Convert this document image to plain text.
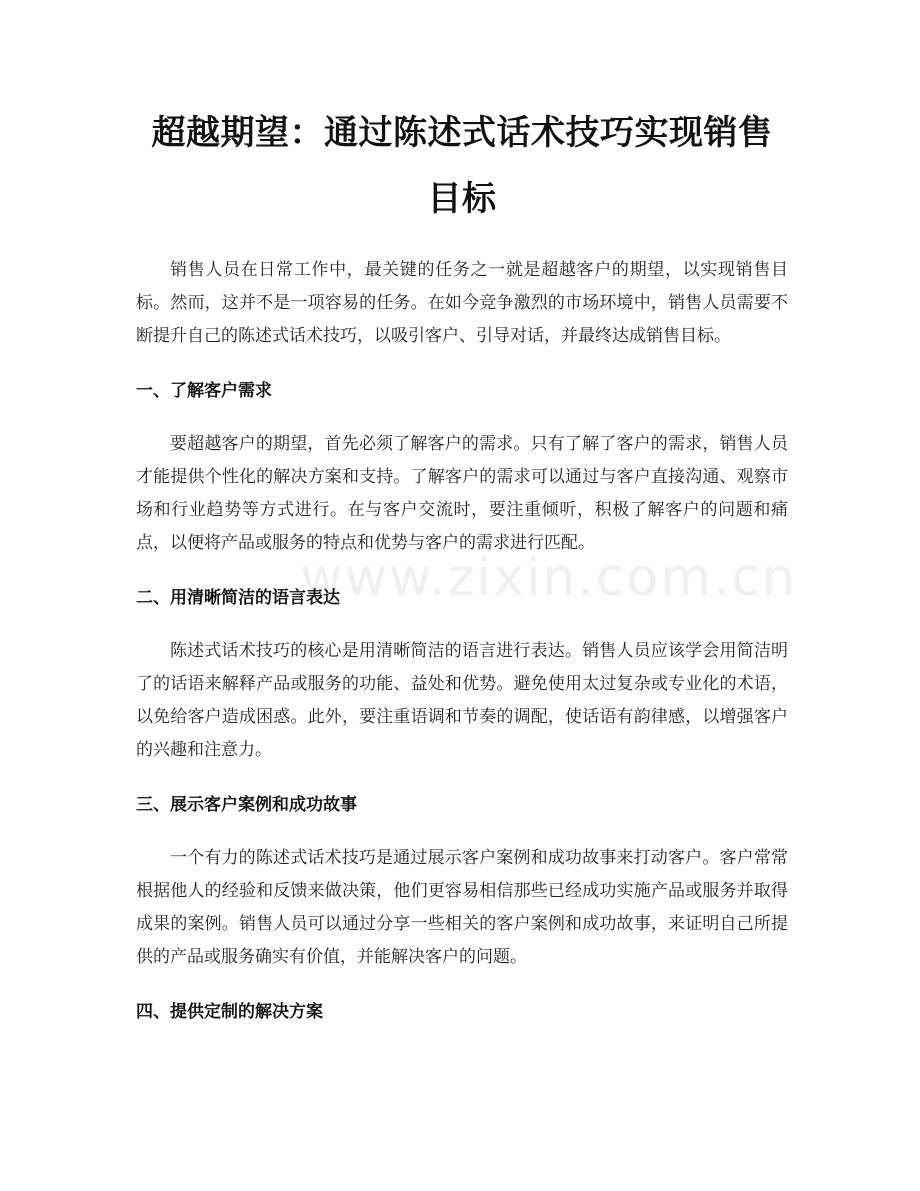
超越期望：通过陈述式话术技巧实现销售目标

销售人员在日常工作中，最关键的任务之一就是超越客户的期望，以实现销售目标。然而，这并不是一项容易的任务。在如今竞争激烈的市场环境中，销售人员需要不断提升自己的陈述式话术技巧，以吸引客户、引导对话，并最终达成销售目标。

一、了解客户需求

要超越客户的期望，首先必须了解客户的需求。只有了解了客户的需求，销售人员才能提供个性化的解决方案和支持。了解客户的需求可以通过与客户直接沟通、观察市场和行业趋势等方式进行。在与客户交流时，要注重倾听，积极了解客户的问题和痛点，以便将产品或服务的特点和优势与客户的需求进行匹配。

二、用清晰简洁的语言表达

陈述式话术技巧的核心是用清晰简洁的语言进行表达。销售人员应该学会用简洁明了的话语来解释产品或服务的功能、益处和优势。避免使用太过复杂或专业化的术语，以免给客户造成困惑。此外，要注重语调和节奏的调配，使话语有韵律感，以增强客户的兴趣和注意力。

三、展示客户案例和成功故事

一个有力的陈述式话术技巧是通过展示客户案例和成功故事来打动客户。客户常常根据他人的经验和反馈来做决策，他们更容易相信那些已经成功实施产品或服务并取得成果的案例。销售人员可以通过分享一些相关的客户案例和成功故事，来证明自己所提供的产品或服务确实有价值，并能解决客户的问题。

四、提供定制的解决方案
www.zixin.com.cn
